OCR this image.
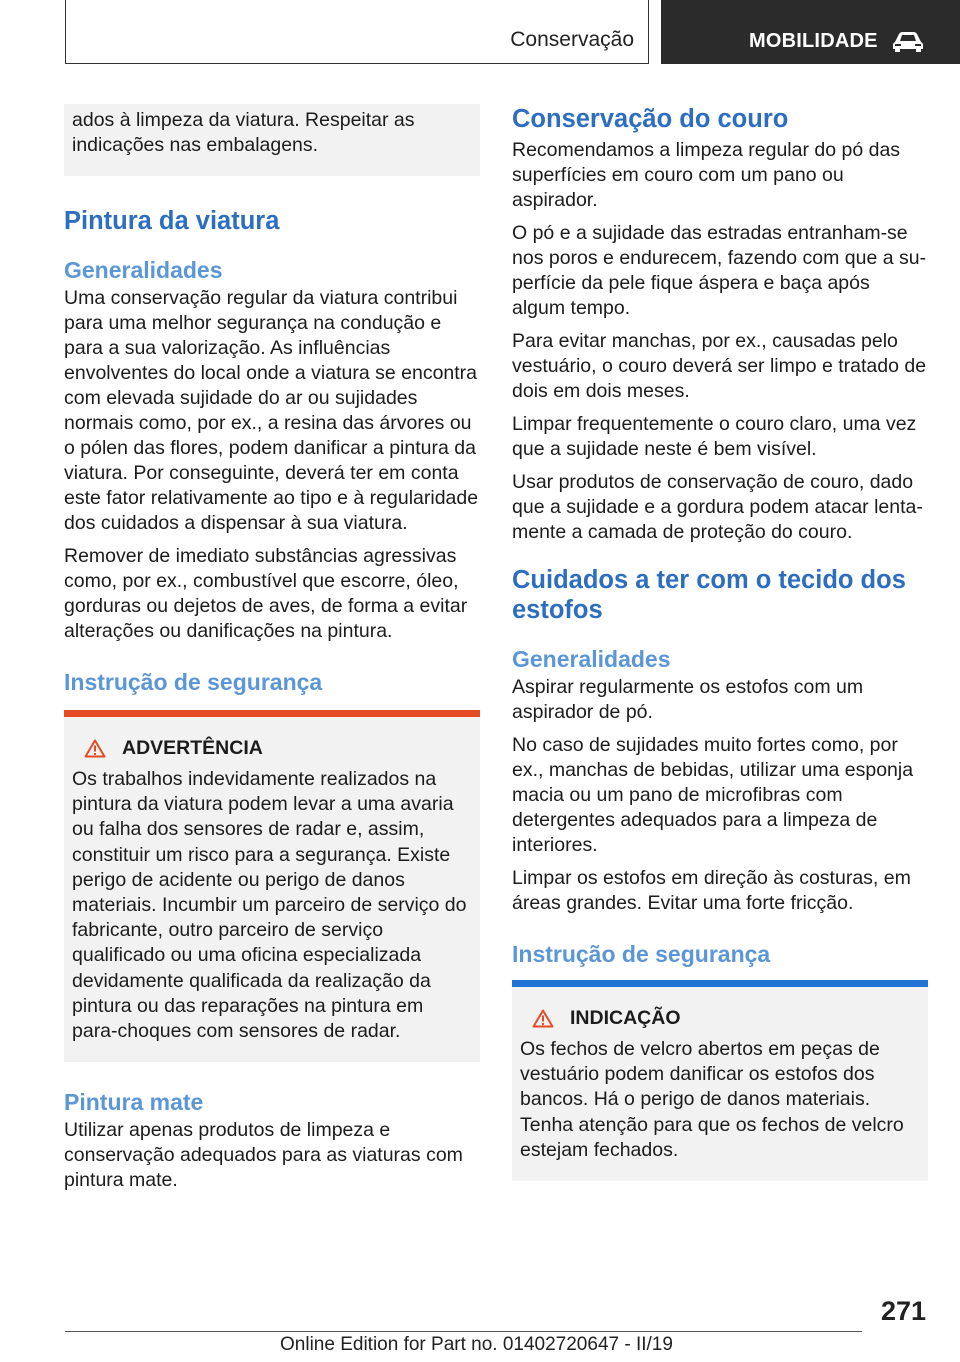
Conservação	MOBILIDADE

ados à limpeza da viatura. Respeitar as indicações nas embalagens.

Pintura da viatura
Generalidades

Uma conservação regular da viatura contribui para uma melhor segurança na condução e para a sua valorização. As influências envolventes do local onde a viatura se encontra com elevada sujidade do ar ou sujidades normais como, por ex., a resina das árvores ou o pólen das flores, podem danificar a pintura da viatura. Por conseguinte, deverá ter em conta este fator relativamente ao tipo e à regularidade dos cuidados a dispensar à sua viatura.

Remover de imediato substâncias agressivas como, por ex., combustível que escorre, óleo, gorduras ou dejetos de aves, de forma a evitar alterações ou danificações na pintura.

Instrução de segurança
ADVERTÊNCIA

Os trabalhos indevidamente realizados na pintura da viatura podem levar a uma avaria ou falha dos sensores de radar e, assim, constituir um risco para a segurança. Existe perigo de acidente ou perigo de danos materiais. Incumbir um parceiro de serviço do fabricante, outro parceiro de serviço qualificado ou uma oficina especializada devidamente qualificada da realização da pintura ou das reparações na pintura em para-choques com sensores de radar.

Pintura mate

Utilizar apenas produtos de limpeza e conservação adequados para as viaturas com pintura mate.

Conservação do couro

Recomendamos a limpeza regular do pó das superfícies em couro com um pano ou aspirador.

O pó e a sujidade das estradas entranham-se nos poros e endurecem, fazendo com que a superfície da pele fique áspera e baça após algum tempo.

Para evitar manchas, por ex., causadas pelo vestuário, o couro deverá ser limpo e tratado de dois em dois meses.

Limpar frequentemente o couro claro, uma vez que a sujidade neste é bem visível.

Usar produtos de conservação de couro, dado que a sujidade e a gordura podem atacar lentamente a camada de proteção do couro.

Cuidados a ter com o tecido dos estofos
Generalidades

Aspirar regularmente os estofos com um aspirador de pó.

No caso de sujidades muito fortes como, por ex., manchas de bebidas, utilizar uma esponja macia ou um pano de microfibras com detergentes adequados para a limpeza de interiores.

Limpar os estofos em direção às costuras, em áreas grandes. Evitar uma forte fricção.

Instrução de segurança
INDICAÇÃO

Os fechos de velcro abertos em peças de vestuário podem danificar os estofos dos bancos. Há o perigo de danos materiais. Tenha atenção para que os fechos de velcro estejam fechados.

271
Online Edition for Part no. 01402720647 - II/19
